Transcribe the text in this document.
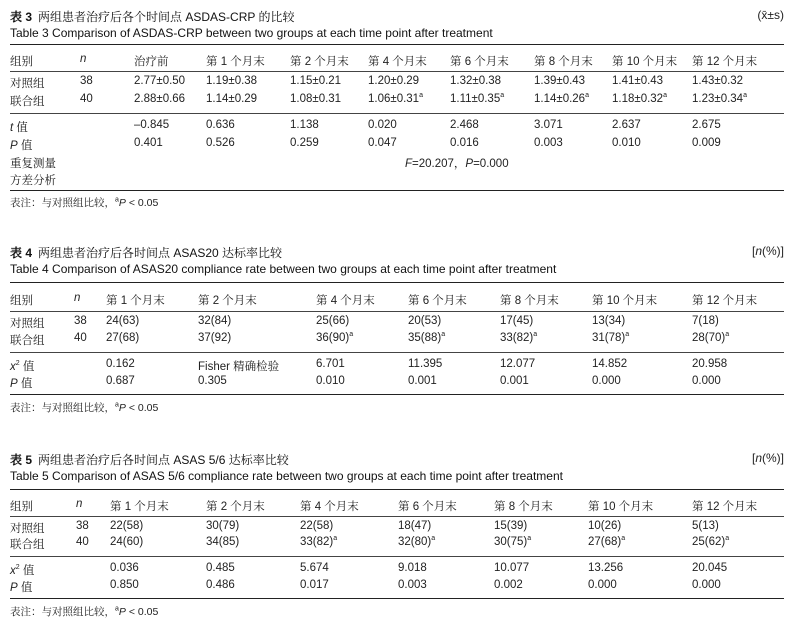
表 3 两组患者治疗后各个时间点 ASDAS-CRP 的比较	(x̄±s)
Table 3 Comparison of ASDAS-CRP between two groups at each time point after treatment
组别	n	治疗前	第 1 个月末 第 2 个月末 第 4 个月末 第 6 个月末 第 8 个月末 第 10 个月末 第 12 个月末
对照组	38	2.77±0.50 1.19±0.38	1.15±0.21 1.20±0.29	1.32±0.38	1.39±0.43 1.41±0.43	1.43±0.32
联合组	40	2.88±0.66 1.14±0.29	1.08±0.31 1.06±0.31$^a$ 1.11±0.35$^a$	1.14±0.26$^a$ 1.18±0.32$^a$ 1.23±0.34$^a$
t 值	–0.845	0.636	1.138	0.020	2.468	3.071	2.637	2.675
P 值	0.401	0.526	0.259	0.047	0.016	0.003	0.010	0.009
重复测量	F=20.207，P=0.000
方差分析
表注：与对照组比较，$^a$P < 0.05
表 4 两组患者治疗后各时间点 ASAS20 达标率比较	[n(%)]
Table 4 Comparison of ASAS20 compliance rate between two groups at each time point after treatment
组别	n 第 1 个月末	第 2 个月末	第 4 个月末	第 6 个月末	第 8 个月末	第 10 个月末	第 12 个月末
对照组	38 24(63)	32(84)	25(66)	20(53)	17(45)	13(34)	7(18)
联合组	40 27(68)	37(92)	$36(90)^a$	$35(88)^a$	$33(82)^a$	$31(78)^a$	$28(70)^a$
$x^2$ 值	0.162	Fisher 精确检验	6.701	11.395	12.077	14.852	20.958
P 值	0.687	0.305	0.010	0.001	0.001	0.000	0.000
表注：与对照组比较，$^a$P < 0.05
表 5 两组患者治疗后各时间点 ASAS 5/6 达标率比较	[n(%)]
Table 5 Comparison of ASAS 5/6 compliance rate between two groups at each time point after treatment
组别	n 第 1 个月末	第 2 个月末	第 4 个月末	第 6 个月末	第 8 个月末	第 10 个月末	第 12 个月末
对照组	38 22(58)	30(79)	22(58)	18(47)	15(39)	10(26)	5(13)
联合组	40 24(60)	34(85)	$33(82)^a$	$32(80)^a$	$30(75)^a$	$27(68)^a$	$25(62)^a$
$x^2$ 值	0.036	0.485	5.674	9.018	10.077	13.256	20.045
P 值	0.850	0.486	0.017	0.003	0.002	0.000	0.000
表注：与对照组比较，$^a$P < 0.05
